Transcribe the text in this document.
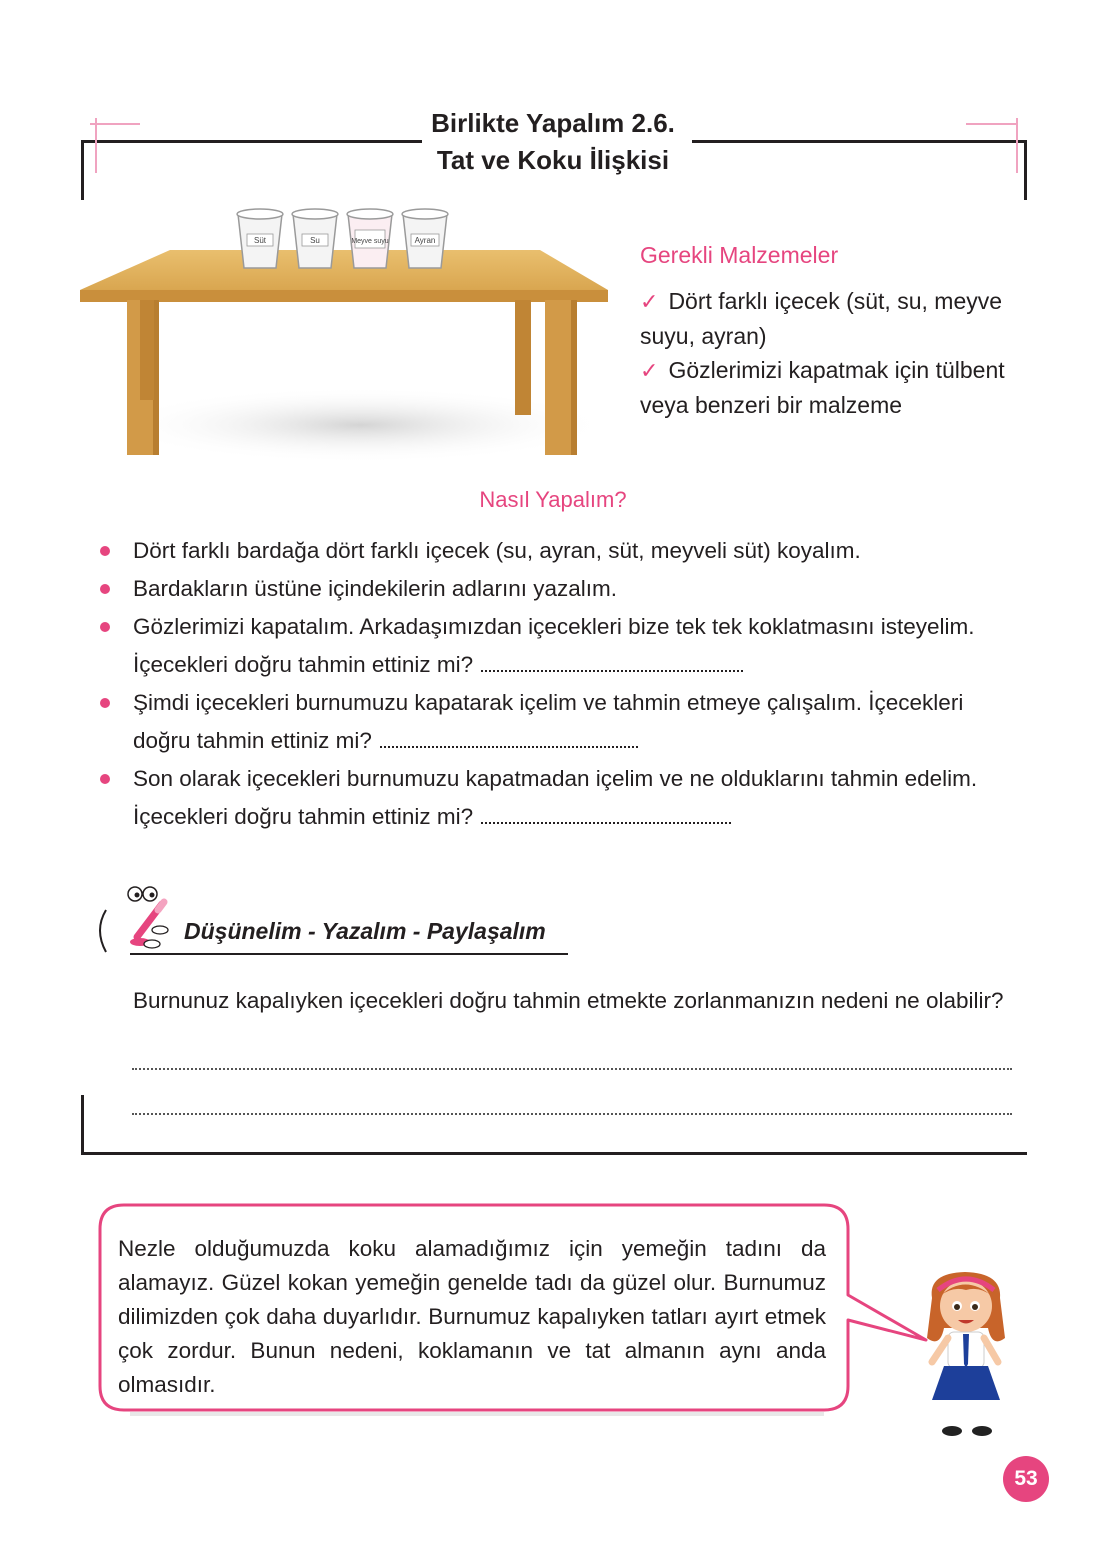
Birlikte Yapalım 2.6.
Tat ve Koku İlişkisi
Süt	Su	Meyve suyu	Ayran
Gerekli Malzemeler
✓ Dört farklı içecek (süt, su, meyve suyu, ayran)
✓ Gözlerimizi kapatmak için tülbent veya benzeri bir malzeme
Nasıl Yapalım?
Dört farklı bardağa dört farklı içecek (su, ayran, süt, meyveli süt) koyalım.
Bardakların üstüne içindekilerin adlarını yazalım.
Gözlerimizi kapatalım. Arkadaşımızdan içecekleri bize tek tek koklatmasını isteyelim. İçecekleri doğru tahmin ettiniz mi?
Şimdi içecekleri burnumuzu kapatarak içelim ve tahmin etmeye çalışalım. İçecekleri doğru tahmin ettiniz mi?
Son olarak içecekleri burnumuzu kapatmadan içelim ve ne olduklarını tahmin edelim. İçecekleri doğru tahmin ettiniz mi?
Düşünelim - Yazalım - Paylaşalım
Burnunuz kapalıyken içecekleri doğru tahmin etmekte zorlanmanızın nedeni ne olabilir?
Nezle olduğumuzda koku alamadığımız için yemeğin tadını da alamayız. Güzel kokan yemeğin genelde tadı da güzel olur. Burnumuz dilimizden çok daha duyarlıdır. Burnumuz kapalıyken tatları ayırt etmek çok zordur. Bunun nedeni, koklamanın ve tat almanın aynı anda olmasıdır.
53
